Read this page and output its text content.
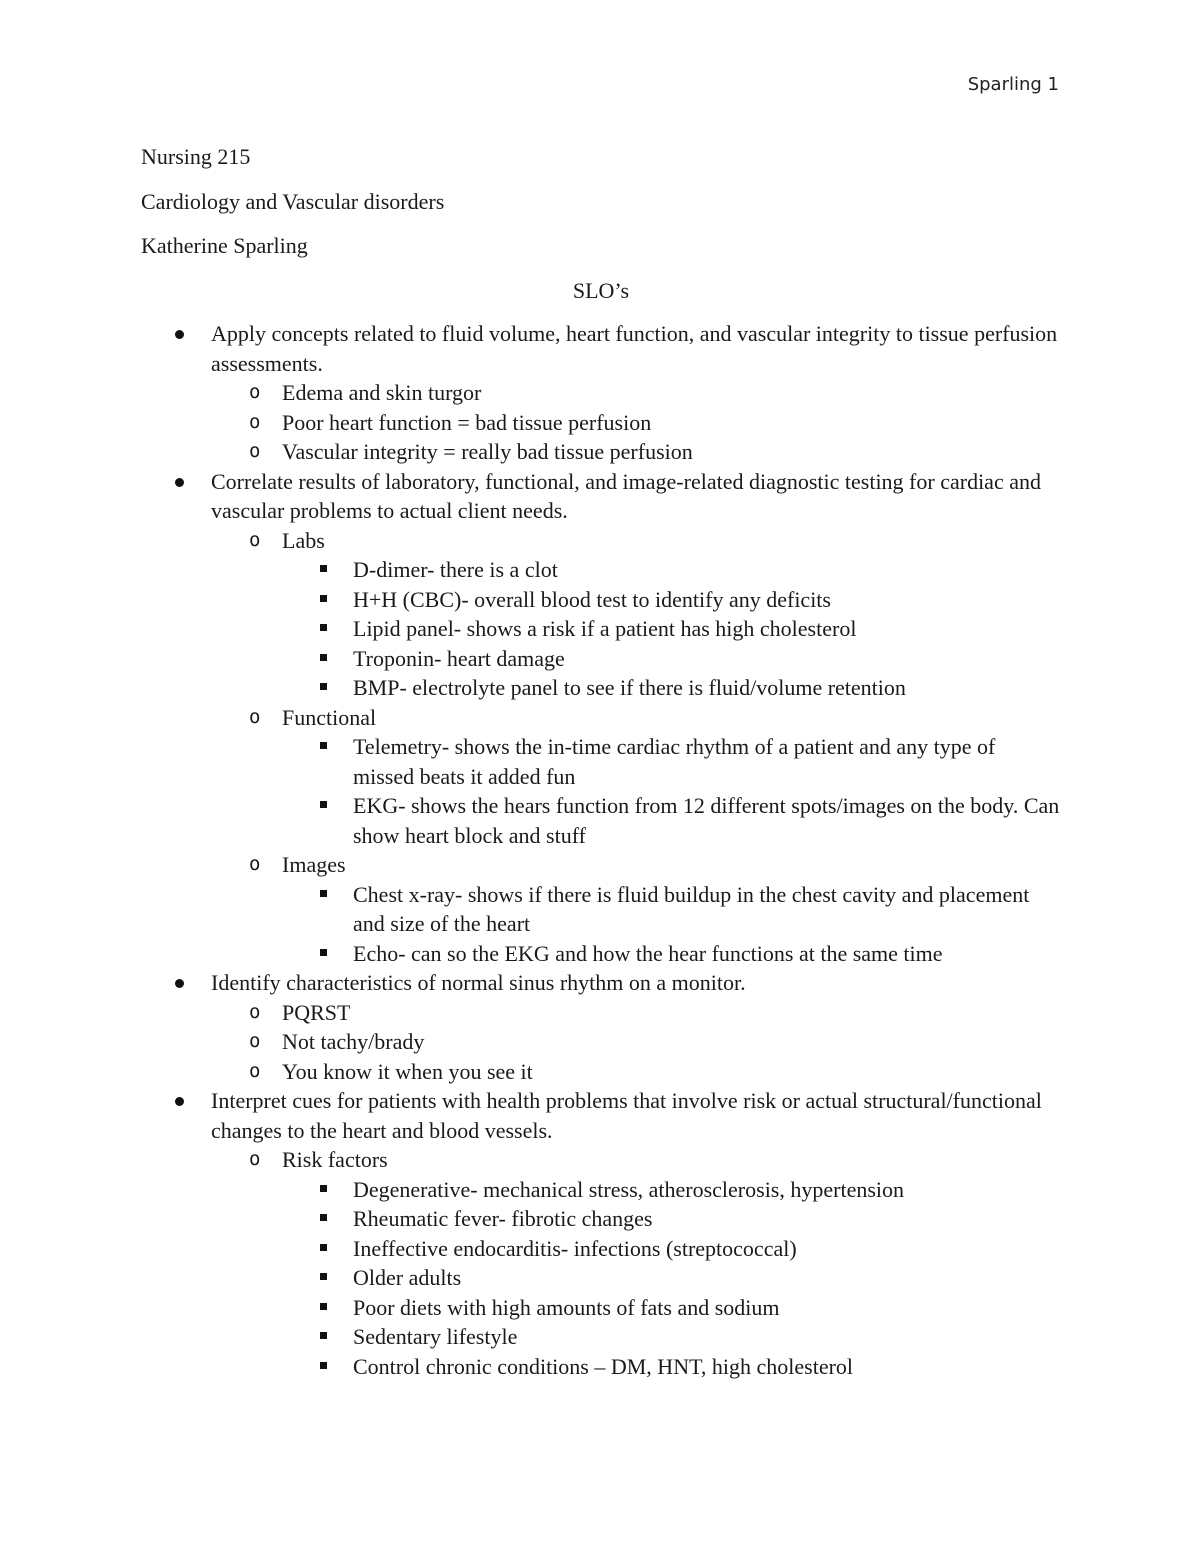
Sparling 1

Nursing 215

Cardiology and Vascular disorders

Katherine Sparling

SLO’s

Apply concepts related to fluid volume, heart function, and vascular integrity to tissue perfusion assessments.
o Edema and skin turgor
o Poor heart function = bad tissue perfusion
o Vascular integrity = really bad tissue perfusion
Correlate results of laboratory, functional, and image-related diagnostic testing for cardiac and vascular problems to actual client needs.
o Labs
D-dimer- there is a clot
H+H (CBC)- overall blood test to identify any deficits
Lipid panel- shows a risk if a patient has high cholesterol
Troponin- heart damage
BMP- electrolyte panel to see if there is fluid/volume retention
o Functional
Telemetry- shows the in-time cardiac rhythm of a patient and any type of missed beats it added fun
EKG- shows the hears function from 12 different spots/images on the body. Can show heart block and stuff
o Images
Chest x-ray- shows if there is fluid buildup in the chest cavity and placement and size of the heart
Echo- can so the EKG and how the hear functions at the same time
Identify characteristics of normal sinus rhythm on a monitor.
o PQRST
o Not tachy/brady
o You know it when you see it
Interpret cues for patients with health problems that involve risk or actual structural/functional changes to the heart and blood vessels.
o Risk factors
Degenerative- mechanical stress, atherosclerosis, hypertension
Rheumatic fever- fibrotic changes
Ineffective endocarditis- infections (streptococcal)
Older adults
Poor diets with high amounts of fats and sodium
Sedentary lifestyle
Control chronic conditions – DM, HNT, high cholesterol
